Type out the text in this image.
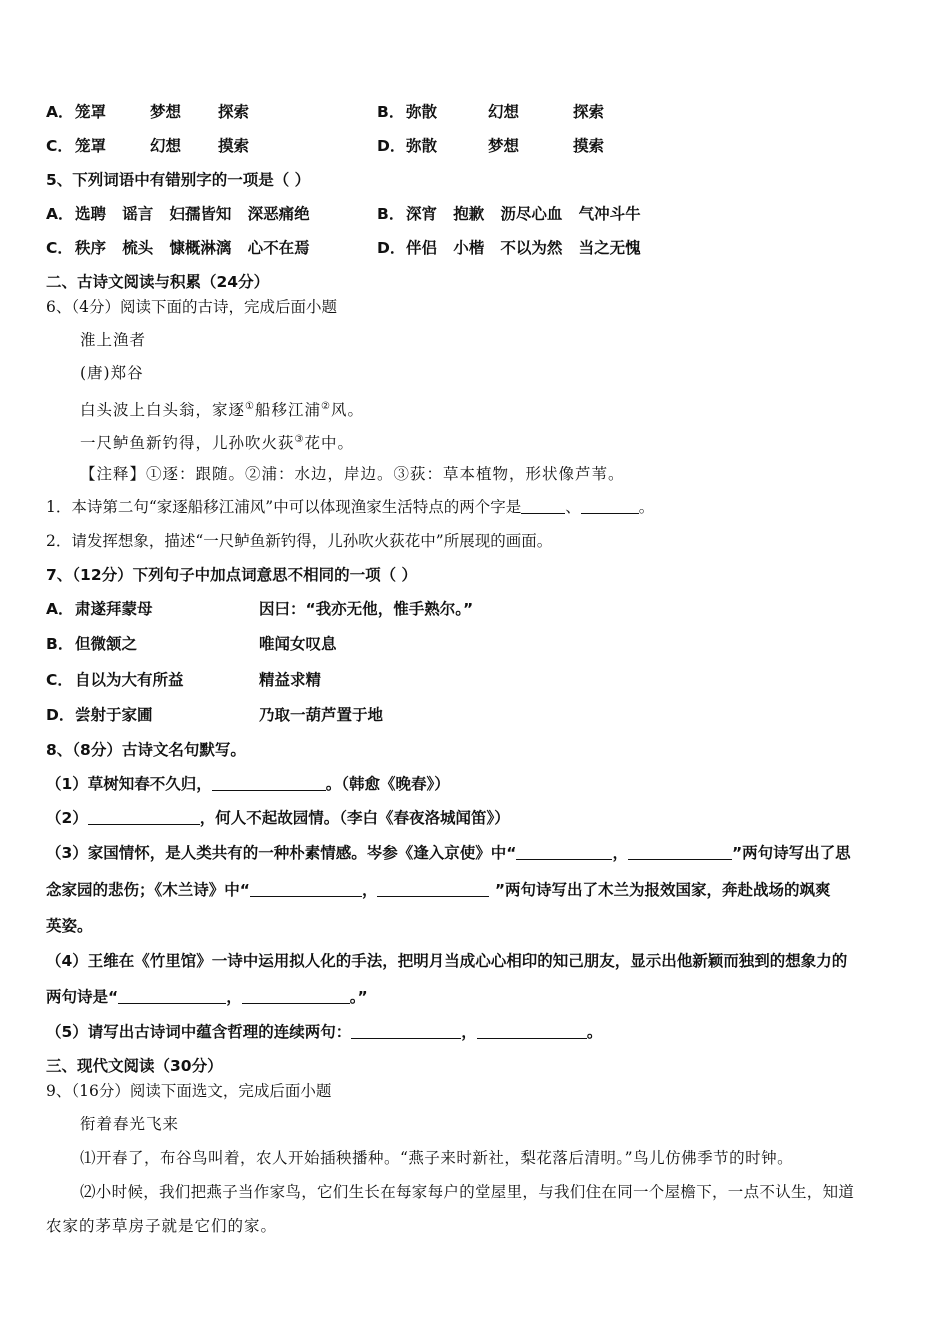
A． 笼罩	梦想 探索	B． 弥散	幻想	探索
C． 笼罩	幻想 摸索	D． 弥散	梦想	摸索
5、下列词语中有错别字的一项是（ ）
A． 选聘   谣言   妇孺皆知   深恶痛绝	B． 深宵   抱歉   沥尽心血   气冲斗牛
C． 秩序   梳头   慷概淋漓   心不在焉	D． 伴侣   小楷   不以为然   当之无愧
二、古诗文阅读与积累（24分）
6、（4分）阅读下面的古诗，完成后面小题
淮上渔者
(唐)郑谷
白头波上白头翁，家逐①船移江浦②风。
一尺鲈鱼新钓得，儿孙吹火荻③花中。
【注释】①逐：跟随。②浦：水边，岸边。③荻：草本植物，形状像芦苇。
1．本诗第二句“家逐船移江浦风”中可以体现渔家生活特点的两个字是	、	。
2．请发挥想象，描述“一尺鲈鱼新钓得，儿孙吹火荻花中”所展现的画面。
7、（12分）下列句子中加点词意思不相同的一项（ ）
A． 肃遂拜蒙母	因曰：“我亦无他，惟手熟尔。”
B． 但微颔之	唯闻女叹息
C． 自以为大有所益	精益求精
D． 尝射于家圃	乃取一葫芦置于地
8、（8分）古诗文名句默写。
（1）草树知春不久归，	。（韩愈《晚春》）
（2）	，何人不起故园情。（李白《春夜洛城闻笛》）
（3）家国情怀，是人类共有的一种朴素情感。岑参《逢入京使》中“	，	”两句诗写出了思
念家园的悲伤；《木兰诗》中“	，	”两句诗写出了木兰为报效国家，奔赴战场的飒爽
英姿。
（4）王维在《竹里馆》一诗中运用拟人化的手法，把明月当成心心相印的知己朋友，显示出他新颖而独到的想象力的
两句诗是“	，	。”
（5）请写出古诗词中蕴含哲理的连续两句：	，	。
三、现代文阅读（30分）
9、（16分）阅读下面选文，完成后面小题
衔着春光飞来
⑴开春了，布谷鸟叫着，农人开始插秧播种。“燕子来时新社，梨花落后清明。”鸟儿仿佛季节的时钟。
⑵小时候，我们把燕子当作家鸟，它们生长在每家每户的堂屋里，与我们住在同一个屋檐下，一点不认生，知道
农家的茅草房子就是它们的家。
